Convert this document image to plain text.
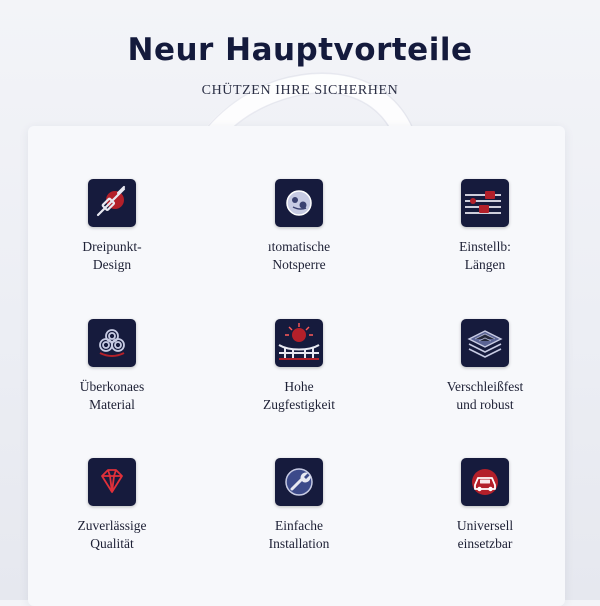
Neur Hauptvorteile
CHÜTZEN IHRE SICHERHEN
Dreipunkt-
Design
ıtomatische
Notsperre
Einstellb:
Längen
Überkonaes
Material
Hohe
Zugfestigkeit
Verschleißfest
und robust
Zuverlässige
Qualität
Einfache
Installation
Universell
einsetzbar
